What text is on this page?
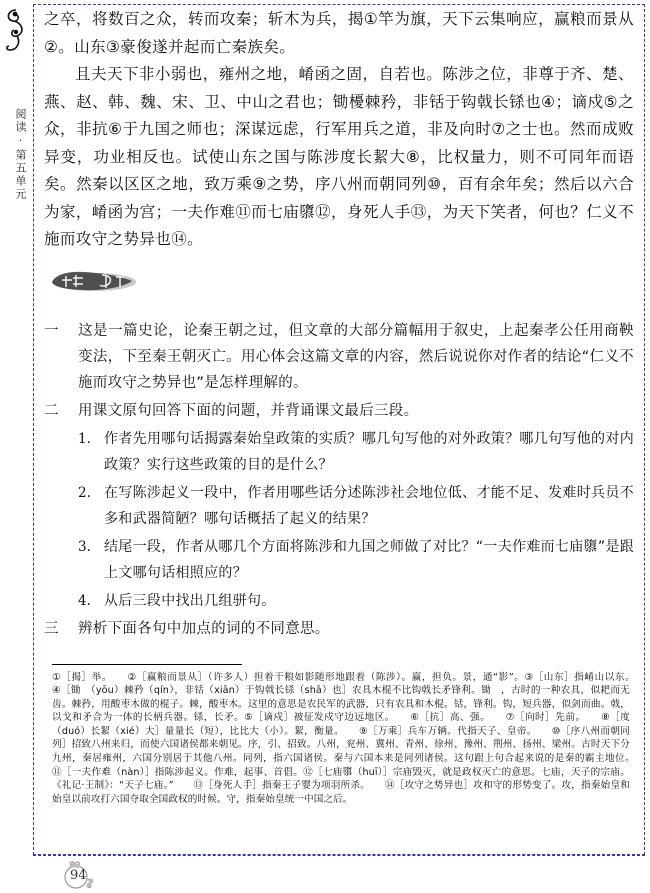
阅读·第五单元

之卒，将数百之众，转而攻秦；斩木为兵，揭①竿为旗，天下云集响应，赢粮而景从②。山东③豪俊遂并起而亡秦族矣。

且夫天下非小弱也，雍州之地，崤函之固，自若也。陈涉之位，非尊于齐、楚、燕、赵、韩、魏、宋、卫、中山之君也；锄櫌棘矜，非铦于钩戟长铩也④；谪戍⑤之众，非抗⑥于九国之师也；深谋远虑，行军用兵之道，非及向时⑦之士也。然而成败异变，功业相反也。试使山东之国与陈涉度长絜大⑧，比权量力，则不可同年而语矣。然秦以区区之地，致万乘⑨之势，序八州而朝同列⑩，百有余年矣；然后以六合为家，崤函为宫；一夫作难⑪而七庙隳⑫，身死人手⑬，为天下笑者，何也？仁义不施而攻守之势异也⑭。

一	这是一篇史论，论秦王朝之过，但文章的大部分篇幅用于叙史，上起秦孝公任用商鞅变法，下至秦王朝灭亡。用心体会这篇文章的内容，然后说说你对作者的结论“仁义不施而攻守之势异也”是怎样理解的。
二	用课文原句回答下面的问题，并背诵课文最后三段。
1. 作者先用哪句话揭露秦始皇政策的实质？哪几句写他的对外政策？哪几句写他的对内政策？实行这些政策的目的是什么？
2. 在写陈涉起义一段中，作者用哪些话分述陈涉社会地位低、才能不足、发难时兵员不多和武器简陋？哪句话概括了起义的结果？
3. 结尾一段，作者从哪几个方面将陈涉和九国之师做了对比？“一夫作难而七庙隳”是跟上文哪句话相照应的？
4. 从后三段中找出几组骈句。
三	辨析下面各句中加点的词的不同意思。
①［揭］举。　　②［赢粮而景从］（许多人）担着干粮如影随形地跟着（陈涉）。赢，担负。景，通“影”。③［山东］指崤山以东。　　④［锄　（yōu）棘矜（qín），非铦（xiān）于钩戟长铩（shā）也］农具木棍不比钩戟长矛锋利。锄　，古时的一种农具，似耙而无齿。棘矜，用酸枣木做的棍子。棘，酸枣木。这里的意思是农民军的武器，只有农具和木棍。铦，锋利。钩，短兵器，似剑而曲。戟，以戈和矛合为一体的长柄兵器。铩，长矛。⑤［谪戍］被征发戍守边远地区。　　⑥［抗］高、强。　　⑦［向时］先前。　　⑧［度（duó）长絜（xié）大］量量长（短），比比大（小）。絜，衡量。　　⑨［万乘］兵车万辆。代指天子、皇帝。　　⑩［序八州而朝同列］招致八州来归，而使六国诸侯都来朝见。序，引、招致。八州，兖州、冀州、青州、徐州、豫州、荆州、扬州、梁州。古时天下分九州，秦居雍州，六国分别居于其他八州。同列，指六国诸侯。秦与六国本来是同列诸侯。这句跟上句合起来说的是秦的霸主地位。　　⑪［一夫作难（nàn）］指陈涉起义。作难，起事、首倡。⑫［七庙隳（huī）］宗庙毁灭，就是政权灭亡的意思。七庙，天子的宗庙。《礼记·王制》：“天子七庙。”　　⑬［身死人手］指秦王子婴为项羽所杀。　　⑭［攻守之势异也］攻和守的形势变了。攻，指秦始皇和始皇以前攻打六国夺取全国政权的时候。守，指秦始皇统一中国之后。
94
